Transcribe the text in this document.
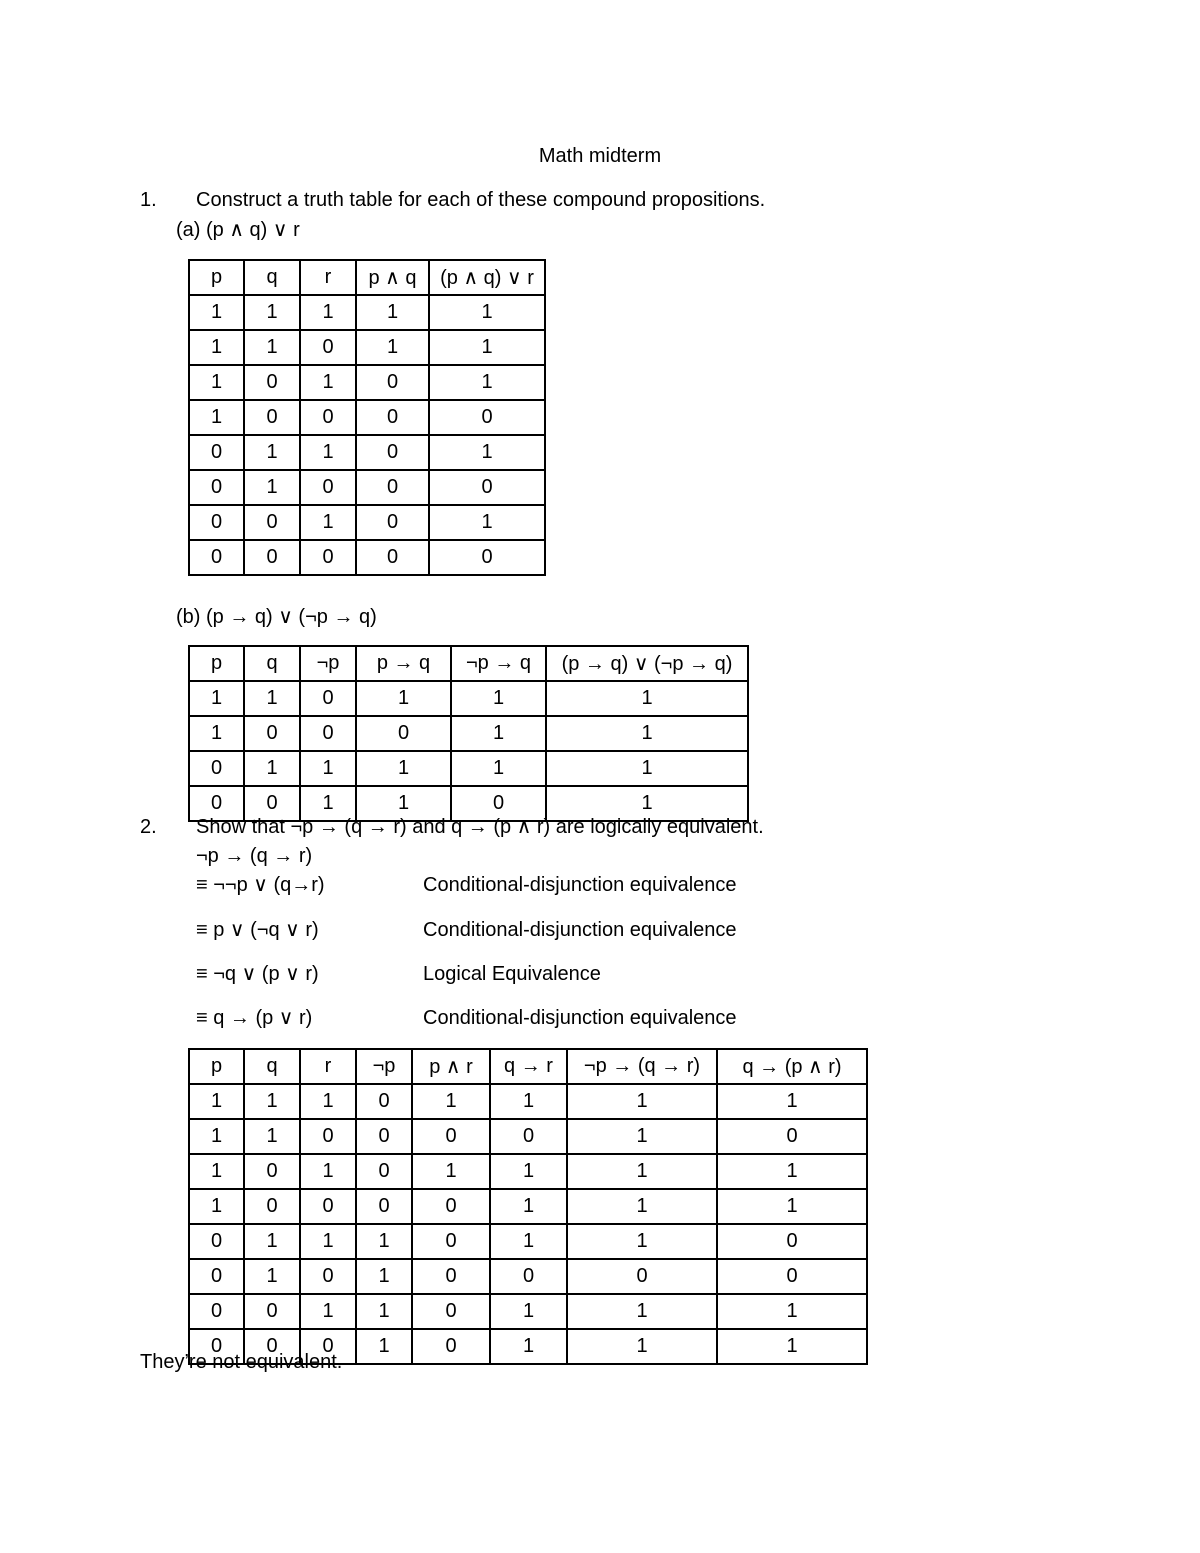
Math midterm
1. Construct a truth table for each of these compound propositions.
(a) (p ∧ q) ∨ r
p	q	r	p ∧ q	(p ∧ q) ∨ r
1	1	1	1	1
1	1	0	1	1
1	0	1	0	1
1	0	0	0	0
0	1	1	0	1
0	1	0	0	0
0	0	1	0	1
0	0	0	0	0
(b) (p → q) ∨ (¬p → q)
p	q	¬p	p → q	¬p → q	(p → q) ∨ (¬p → q)
1	1	0	1	1	1
1	0	0	0	1	1
0	1	1	1	1	1
0	0	1	1	0	1
2. Show that ¬p → (q → r) and q → (p ∧ r) are logically equivalent.
¬p → (q → r)
≡ ¬¬p ∨ (q→r)	Conditional-disjunction equivalence
≡ p ∨ (¬q ∨ r)	Conditional-disjunction equivalence
≡ ¬q ∨ (p ∨ r)	Logical Equivalence
≡ q → (p ∨ r)	Conditional-disjunction equivalence
p	q	r	¬p	p ∧ r	q → r	¬p → (q → r)	q → (p ∧ r)
1	1	1	0	1	1	1	1
1	1	0	0	0	0	1	0
1	0	1	0	1	1	1	1
1	0	0	0	0	1	1	1
0	1	1	1	0	1	1	0
0	1	0	1	0	0	0	0
0	0	1	1	0	1	1	1
0	0	0	1	0	1	1	1
They’re not equivalent.
